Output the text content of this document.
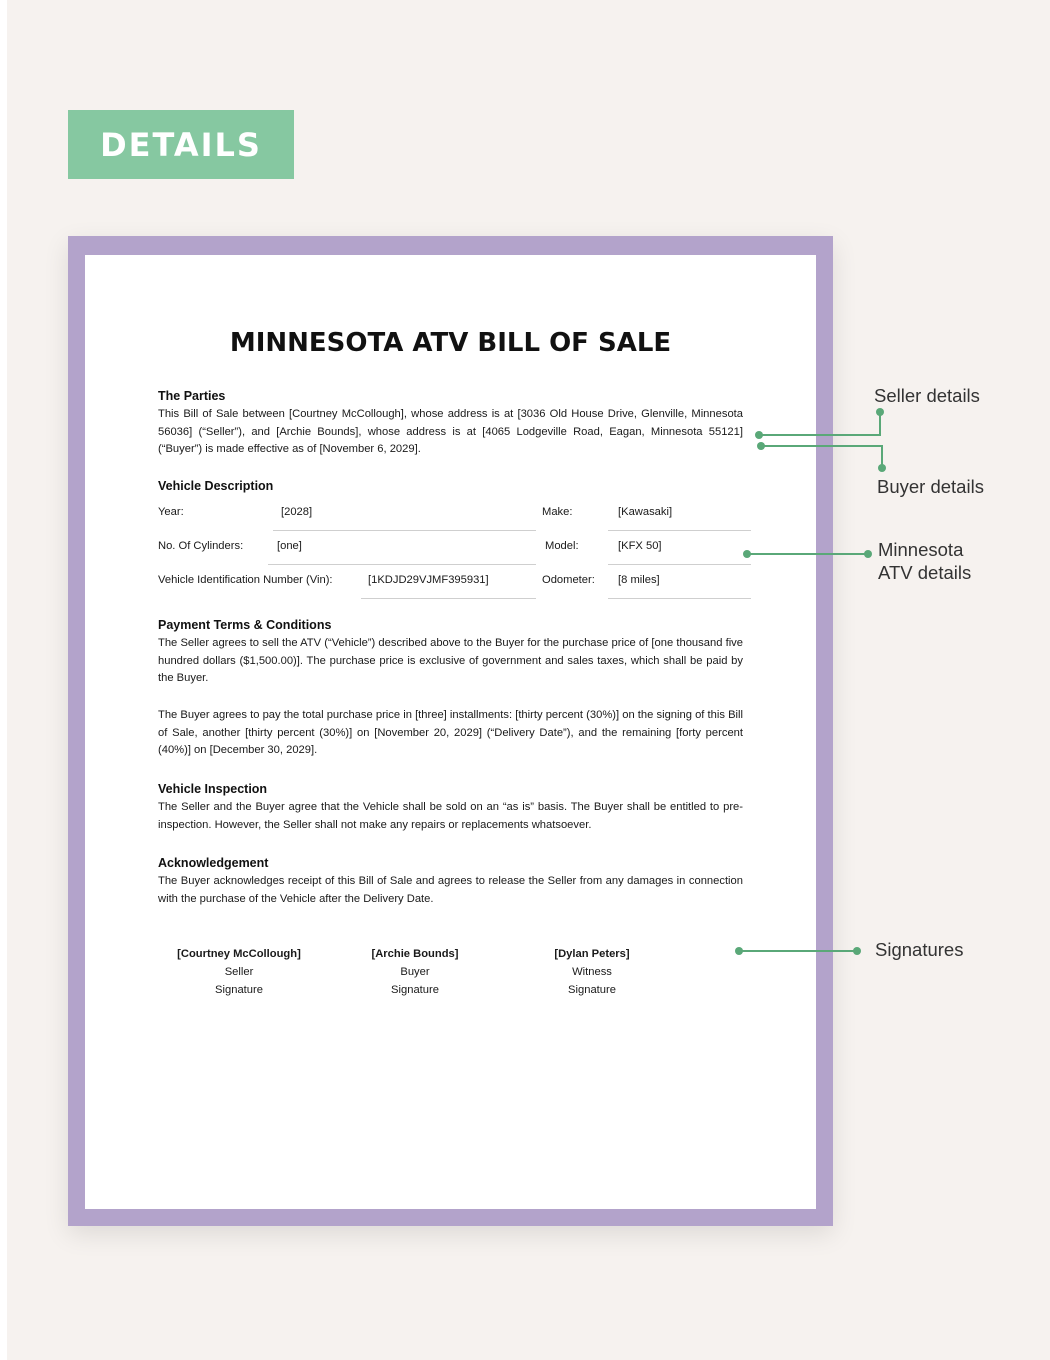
DETAILS
MINNESOTA ATV BILL OF SALE
The Parties
This Bill of Sale between [Courtney McCollough], whose address is at [3036 Old House Drive, Glenville, Minnesota 56036] (“Seller”), and [Archie Bounds], whose address is at [4065 Lodgeville Road, Eagan, Minnesota 55121] (“Buyer”) is made effective as of [November 6, 2029].
Vehicle Description
Year:	[2028]	Make:	[Kawasaki]
No. Of Cylinders:	[one]	Model:	[KFX 50]
Vehicle Identification Number (Vin):	[1KDJD29VJMF395931]	Odometer: [8 miles]
Payment Terms & Conditions
The Seller agrees to sell the ATV (“Vehicle”) described above to the Buyer for the purchase price of [one thousand five hundred dollars ($1,500.00)]. The purchase price is exclusive of government and sales taxes, which shall be paid by the Buyer.
The Buyer agrees to pay the total purchase price in [three] installments: [thirty percent (30%)] on the signing of this Bill of Sale, another [thirty percent (30%)] on [November 20, 2029] (“Delivery Date”), and the remaining [forty percent (40%)] on [December 30, 2029].
Vehicle Inspection
The Seller and the Buyer agree that the Vehicle shall be sold on an “as is” basis. The Buyer shall be entitled to pre-inspection. However, the Seller shall not make any repairs or replacements whatsoever.
Acknowledgement
The Buyer acknowledges receipt of this Bill of Sale and agrees to release the Seller from any damages in connection with the purchase of the Vehicle after the Delivery Date.
[Courtney McCollough]
Seller
Signature
[Archie Bounds]
Buyer
Signature
[Dylan Peters]
Witness
Signature
Seller details
Buyer details
Minnesota
ATV details
Signatures
